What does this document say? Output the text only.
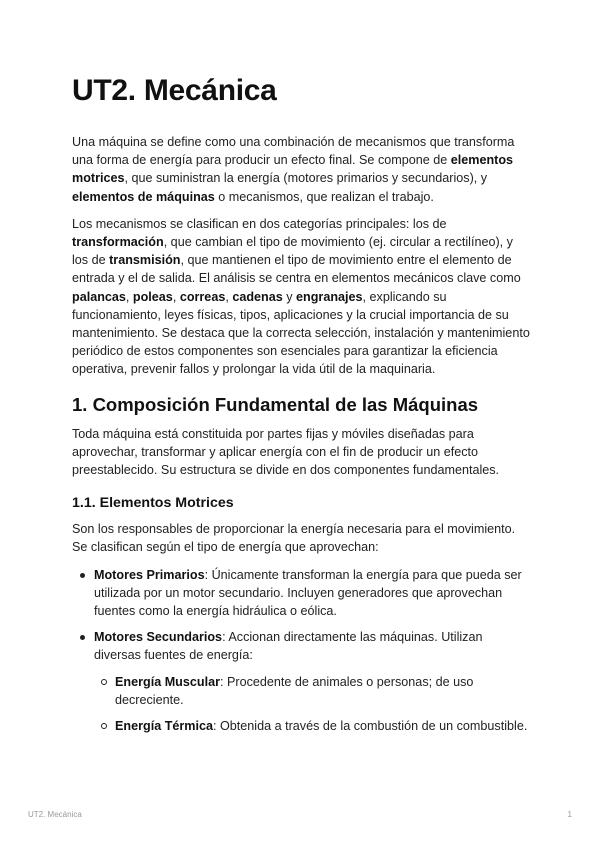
UT2. Mecánica

Una máquina se define como una combinación de mecanismos que transforma una forma de energía para producir un efecto final. Se compone de elementos motrices, que suministran la energía (motores primarios y secundarios), y elementos de máquinas o mecanismos, que realizan el trabajo.

Los mecanismos se clasifican en dos categorías principales: los de transformación, que cambian el tipo de movimiento (ej. circular a rectilíneo), y los de transmisión, que mantienen el tipo de movimiento entre el elemento de entrada y el de salida. El análisis se centra en elementos mecánicos clave como palancas, poleas, correas, cadenas y engranajes, explicando su funcionamiento, leyes físicas, tipos, aplicaciones y la crucial importancia de su mantenimiento. Se destaca que la correcta selección, instalación y mantenimiento periódico de estos componentes son esenciales para garantizar la eficiencia operativa, prevenir fallos y prolongar la vida útil de la maquinaria.

1. Composición Fundamental de las Máquinas

Toda máquina está constituida por partes fijas y móviles diseñadas para aprovechar, transformar y aplicar energía con el fin de producir un efecto preestablecido. Su estructura se divide en dos componentes fundamentales.

1.1. Elementos Motrices

Son los responsables de proporcionar la energía necesaria para el movimiento. Se clasifican según el tipo de energía que aprovechan:

Motores Primarios: Únicamente transforman la energía para que pueda ser utilizada por un motor secundario. Incluyen generadores que aprovechan fuentes como la energía hidráulica o eólica.
Motores Secundarios: Accionan directamente las máquinas. Utilizan diversas fuentes de energía:
Energía Muscular: Procedente de animales o personas; de uso decreciente.
Energía Térmica: Obtenida a través de la combustión de un combustible.
UT2. Mecánica	1
